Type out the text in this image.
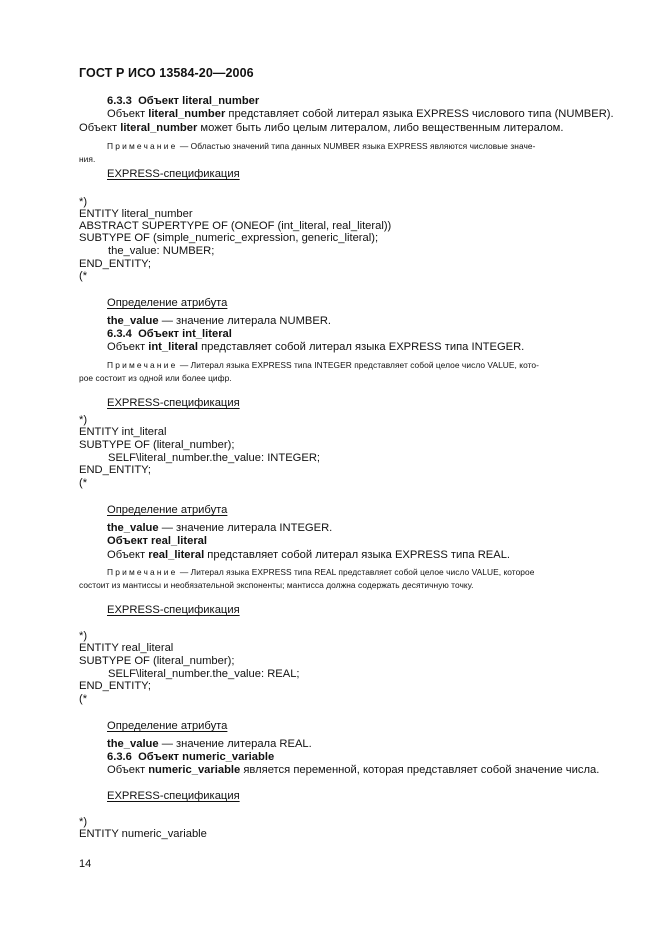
ГОСТ Р ИСО 13584-20—2006
6.3.3 Объект literal_number
Объект literal_number представляет собой литерал языка EXPRESS числового типа (NUMBER).
Объект literal_number может быть либо целым литералом, либо вещественным литералом.
Примечание — Областью значений типа данных NUMBER языка EXPRESS являются числовые значе-
ния.
EXPRESS-спецификация
*)
ENTITY literal_number
ABSTRACT SUPERTYPE OF (ONEOF (int_literal, real_literal))
SUBTYPE OF (simple_numeric_expression, generic_literal);
the_value: NUMBER;
END_ENTITY;
(*
Определение атрибута
the_value — значение литерала NUMBER.
6.3.4 Объект int_literal
Объект int_literal представляет собой литерал языка EXPRESS типа INTEGER.
Примечание — Литерал языка EXPRESS типа INTEGER представляет собой целое число VALUE, кото-
рое состоит из одной или более цифр.
EXPRESS-спецификация
*)
ENTITY int_literal
SUBTYPE OF (literal_number);
SELF\literal_number.the_value: INTEGER;
END_ENTITY;
(*
Определение атрибута
the_value — значение литерала INTEGER.
Объект real_literal
Объект real_literal представляет собой литерал языка EXPRESS типа REAL.
Примечание — Литерал языка EXPRESS типа REAL представляет собой целое число VALUE, которое
состоит из мантиссы и необязательной экспоненты; мантисса должна содержать десятичную точку.
EXPRESS-спецификация
*)
ENTITY real_literal
SUBTYPE OF (literal_number);
SELF\literal_number.the_value: REAL;
END_ENTITY;
(*
Определение атрибута
the_value — значение литерала REAL.
6.3.6 Объект numeric_variable
Объект numeric_variable является переменной, которая представляет собой значение числа.
EXPRESS-спецификация
*)
ENTITY numeric_variable
14
